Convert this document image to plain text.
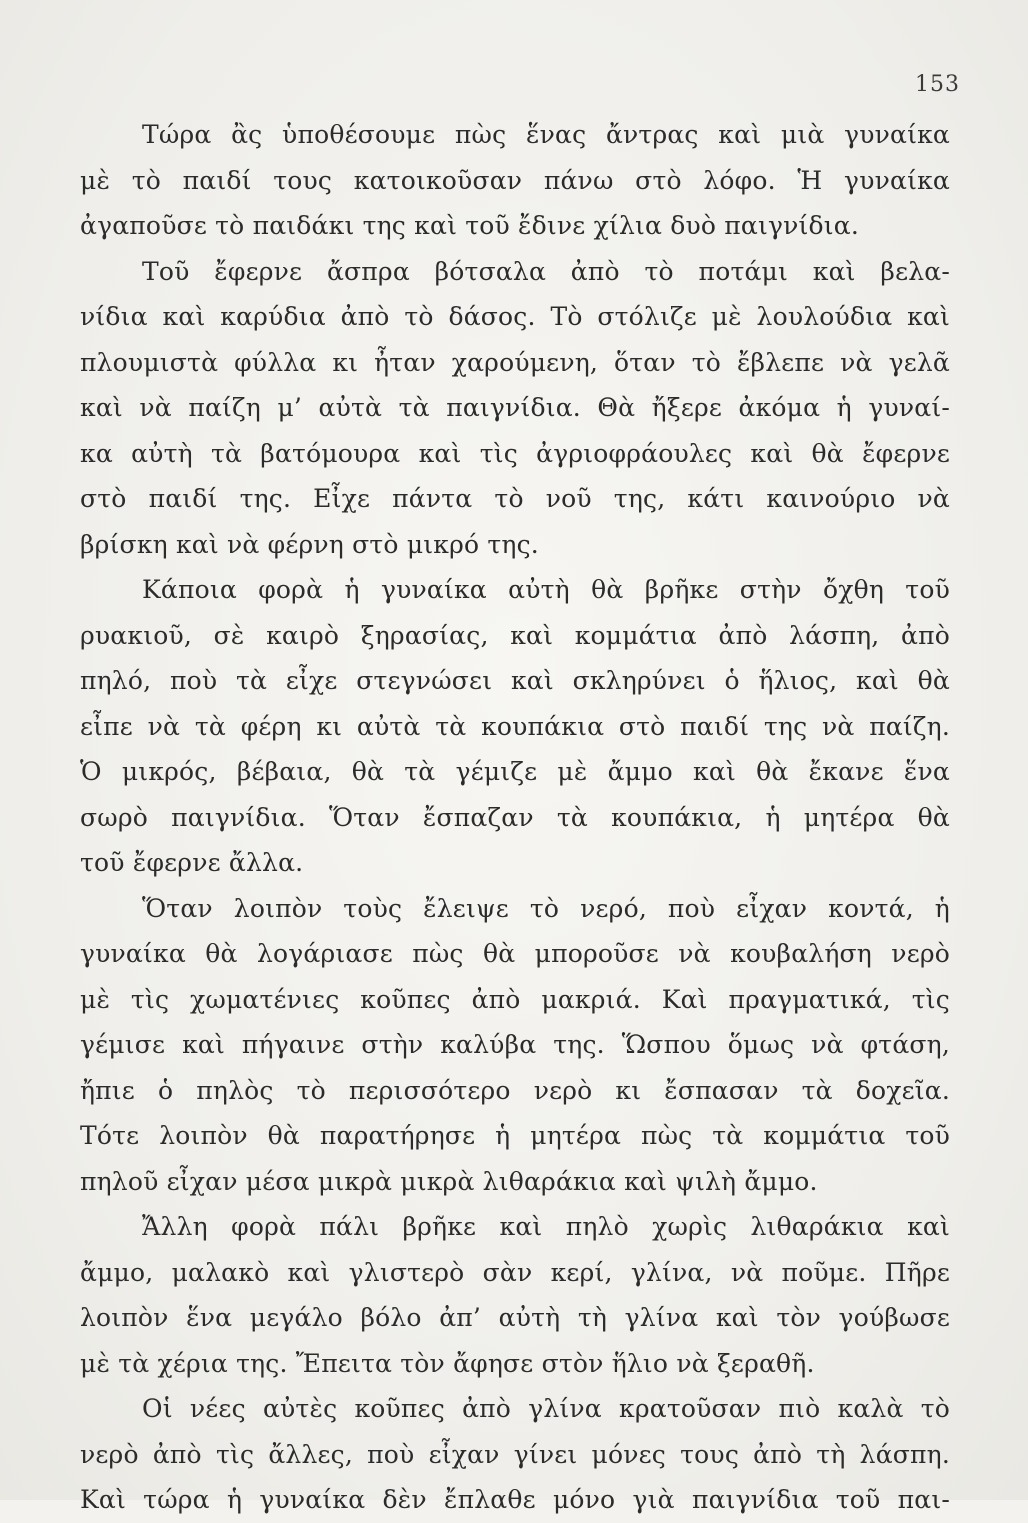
153
Τώρα ἂς ὑποθέσουμε πὼς ἕνας ἄντρας καὶ μιὰ γυναίκα
μὲ τὸ παιδί τους κατοικοῦσαν πάνω στὸ λόφο. Ἡ γυναίκα
ἀγαποῦσε τὸ παιδάκι της καὶ τοῦ ἔδινε χίλια δυὸ παιγνίδια.
Τοῦ ἔφερνε ἄσπρα βότσαλα ἀπὸ τὸ ποτάμι καὶ βελα-
νίδια καὶ καρύδια ἀπὸ τὸ δάσος. Τὸ στόλιζε μὲ λουλούδια καὶ
πλουμιστὰ φύλλα κι ἦταν χαρούμενη, ὅταν τὸ ἔβλεπε νὰ γελᾶ
καὶ νὰ παίζη μ’ αὐτὰ τὰ παιγνίδια. Θὰ ἤξερε ἀκόμα ἡ γυναί-
κα αὐτὴ τὰ βατόμουρα καὶ τὶς ἀγριοφράουλες καὶ θὰ ἔφερνε
στὸ παιδί της. Εἶχε πάντα τὸ νοῦ της, κάτι καινούριο νὰ
βρίσκη καὶ νὰ φέρνη στὸ μικρό της.
Κάποια φορὰ ἡ γυναίκα αὐτὴ θὰ βρῆκε στὴν ὄχθη τοῦ
ρυακιοῦ, σὲ καιρὸ ξηρασίας, καὶ κομμάτια ἀπὸ λάσπη, ἀπὸ
πηλό, ποὺ τὰ εἶχε στεγνώσει καὶ σκληρύνει ὁ ἥλιος, καὶ θὰ
εἶπε νὰ τὰ φέρη κι αὐτὰ τὰ κουπάκια στὸ παιδί της νὰ παίζη.
Ὁ μικρός, βέβαια, θὰ τὰ γέμιζε μὲ ἄμμο καὶ θὰ ἔκανε ἕνα
σωρὸ παιγνίδια. Ὅταν ἔσπαζαν τὰ κουπάκια, ἡ μητέρα θὰ
τοῦ ἔφερνε ἄλλα.
Ὅταν λοιπὸν τοὺς ἔλειψε τὸ νερό, ποὺ εἶχαν κοντά, ἡ
γυναίκα θὰ λογάριασε πὼς θὰ μποροῦσε νὰ κουβαλήση νερὸ
μὲ τὶς χωματένιες κοῦπες ἀπὸ μακριά. Καὶ πραγματικά, τὶς
γέμισε καὶ πήγαινε στὴν καλύβα της. Ὥσπου ὅμως νὰ φτάση,
ἤπιε ὁ πηλὸς τὸ περισσότερο νερὸ κι ἔσπασαν τὰ δοχεῖα.
Τότε λοιπὸν θὰ παρατήρησε ἡ μητέρα πὼς τὰ κομμάτια τοῦ
πηλοῦ εἶχαν μέσα μικρὰ μικρὰ λιθαράκια καὶ ψιλὴ ἄμμο.
Ἄλλη φορὰ πάλι βρῆκε καὶ πηλὸ χωρὶς λιθαράκια καὶ
ἄμμο, μαλακὸ καὶ γλιστερὸ σὰν κερί, γλίνα, νὰ ποῦμε. Πῆρε
λοιπὸν ἕνα μεγάλο βόλο ἀπ’ αὐτὴ τὴ γλίνα καὶ τὸν γούβωσε
μὲ τὰ χέρια της. Ἔπειτα τὸν ἄφησε στὸν ἥλιο νὰ ξεραθῆ.
Οἱ νέες αὐτὲς κοῦπες ἀπὸ γλίνα κρατοῦσαν πιὸ καλὰ τὸ
νερὸ ἀπὸ τὶς ἄλλες, ποὺ εἶχαν γίνει μόνες τους ἀπὸ τὴ λάσπη.
Καὶ τώρα ἡ γυναίκα δὲν ἔπλαθε μόνο γιὰ παιγνίδια τοῦ παι-
